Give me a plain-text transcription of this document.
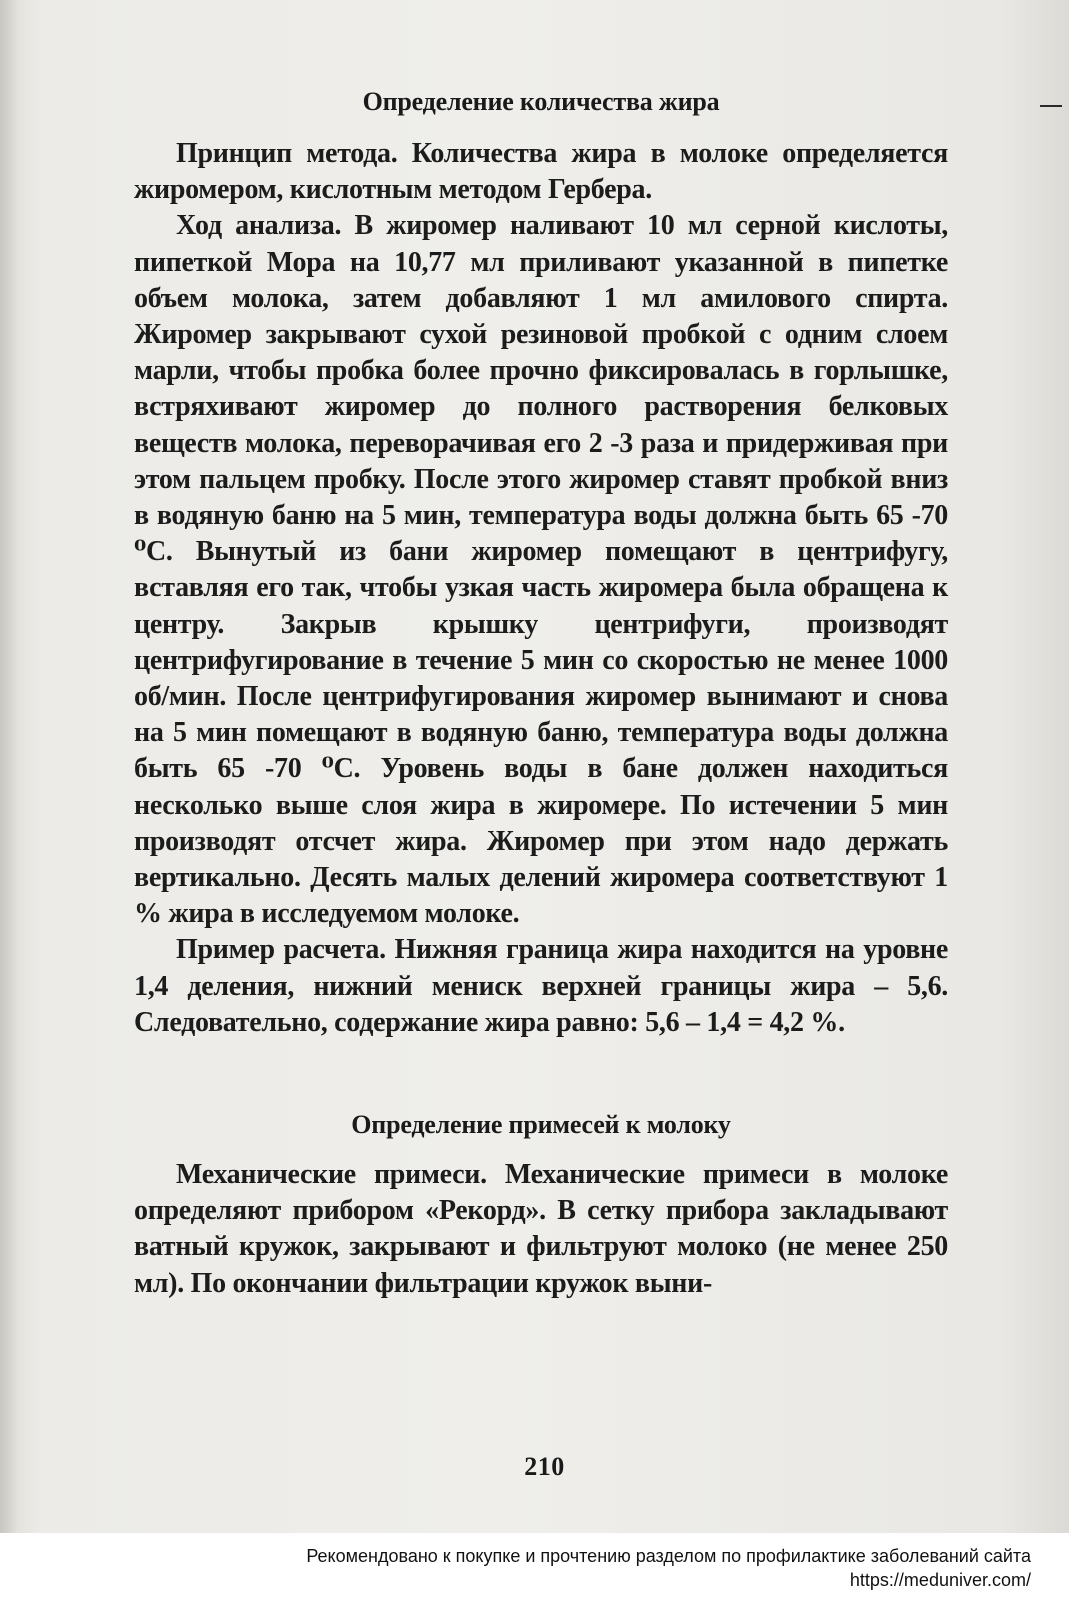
Определение количества жира

Принцип метода. Количества жира в молоке определяется жиромером, кислотным методом Гербера.

Ход анализа. В жиромер наливают 10 мл серной кислоты, пипеткой Мора на 10,77 мл приливают указанной в пипетке объем молока, затем добавляют 1 мл амилового спирта. Жиромер закрывают сухой резиновой пробкой с одним слоем марли, чтобы пробка более прочно фиксировалась в горлышке, встряхивают жиромер до полного растворения белковых веществ молока, переворачивая его 2 -3 раза и придерживая при этом пальцем пробку. После этого жиромер ставят пробкой вниз в водяную баню на 5 мин, температура воды должна быть 65 -70 ⁰С. Вынутый из бани жиромер помещают в центрифугу, вставляя его так, чтобы узкая часть жиромера была обращена к центру. Закрыв крышку центрифуги, производят центрифугирование в течение 5 мин со скоростью не менее 1000 об/мин. После центрифугирования жиромер вынимают и снова на 5 мин помещают в водяную баню, температура воды должна быть 65 -70 ⁰С. Уровень воды в бане должен находиться несколько выше слоя жира в жиромере. По истечении 5 мин производят отсчет жира. Жиромер при этом надо держать вертикально. Десять малых делений жиромера соответствуют 1 % жира в исследуемом молоке.

Пример расчета. Нижняя граница жира находится на уровне 1,4 деления, нижний мениск верхней границы жира – 5,6. Следовательно, содержание жира равно: 5,6 – 1,4 = 4,2 %.

Определение примесей к молоку

Механические примеси. Механические примеси в молоке определяют прибором «Рекорд». В сетку прибора закладывают ватный кружок, закрывают и фильтруют молоко (не менее 250 мл). По окончании фильтрации кружок выни-

210
Рекомендовано к покупке и прочтению разделом по профилактике заболеваний сайта https://meduniver.com/
